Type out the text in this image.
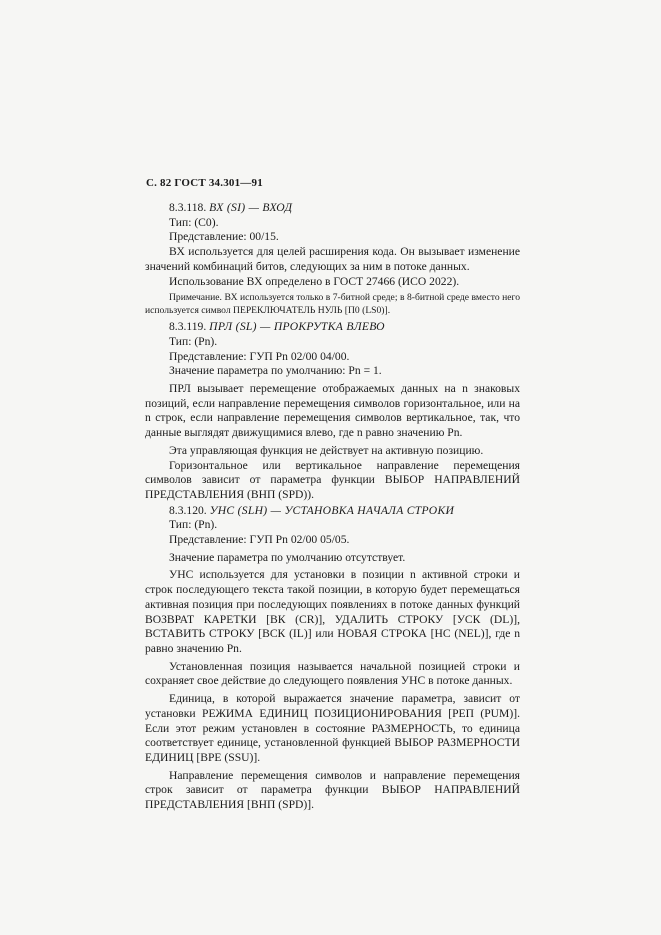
С. 82 ГОСТ 34.301—91

8.3.118. ВХ (SI) — ВХОД

Тип: (С0).

Представление: 00/15.

ВХ используется для целей расширения кода. Он вызывает изменение значений комбинаций битов, следующих за ним в потоке данных.

Использование ВХ определено в ГОСТ 27466 (ИСО 2022).

Примечание. ВХ используется только в 7-битной среде; в 8-битной среде вместо него используется символ ПЕРЕКЛЮЧАТЕЛЬ НУЛЬ [П0 (LS0)].

8.3.119. ПРЛ (SL) — ПРОКРУТКА ВЛЕВО

Тип: (Рn).

Представление: ГУП Рn 02/00 04/00.

Значение параметра по умолчанию: Рn = 1.

ПРЛ вызывает перемещение отображаемых данных на n знаковых позиций, если направление перемещения символов горизонтальное, или на n строк, если направление перемещения символов вертикальное, так, что данные выглядят движущимися влево, где n равно значению Рn.

Эта управляющая функция не действует на активную позицию.

Горизонтальное или вертикальное направление перемещения символов зависит от параметра функции ВЫБОР НАПРАВЛЕНИЙ ПРЕДСТАВЛЕНИЯ (ВНП (SPD)).

8.3.120. УНС (SLH) — УСТАНОВКА НАЧАЛА СТРОКИ

Тип: (Рn).

Представление: ГУП Рn 02/00 05/05.

Значение параметра по умолчанию отсутствует.

УНС используется для установки в позиции n активной строки и строк последующего текста такой позиции, в которую будет перемещаться активная позиция при последующих появлениях в потоке данных функций ВОЗВРАТ КАРЕТКИ [ВК (CR)], УДАЛИТЬ СТРОКУ [УСК (DL)], ВСТАВИТЬ СТРОКУ [ВСК (IL)] или НОВАЯ СТРОКА [НС (NEL)], где n равно значению Рn.

Установленная позиция называется начальной позицией строки и сохраняет свое действие до следующего появления УНС в потоке данных.

Единица, в которой выражается значение параметра, зависит от установки РЕЖИМА ЕДИНИЦ ПОЗИЦИОНИРОВАНИЯ [РЕП (PUM)]. Если этот режим установлен в состояние РАЗМЕРНОСТЬ, то единица соответствует единице, установленной функцией ВЫБОР РАЗМЕРНОСТИ ЕДИНИЦ [ВРЕ (SSU)].

Направление перемещения символов и направление перемещения строк зависит от параметра функции ВЫБОР НАПРАВЛЕНИЙ ПРЕДСТАВЛЕНИЯ [ВНП (SPD)].
